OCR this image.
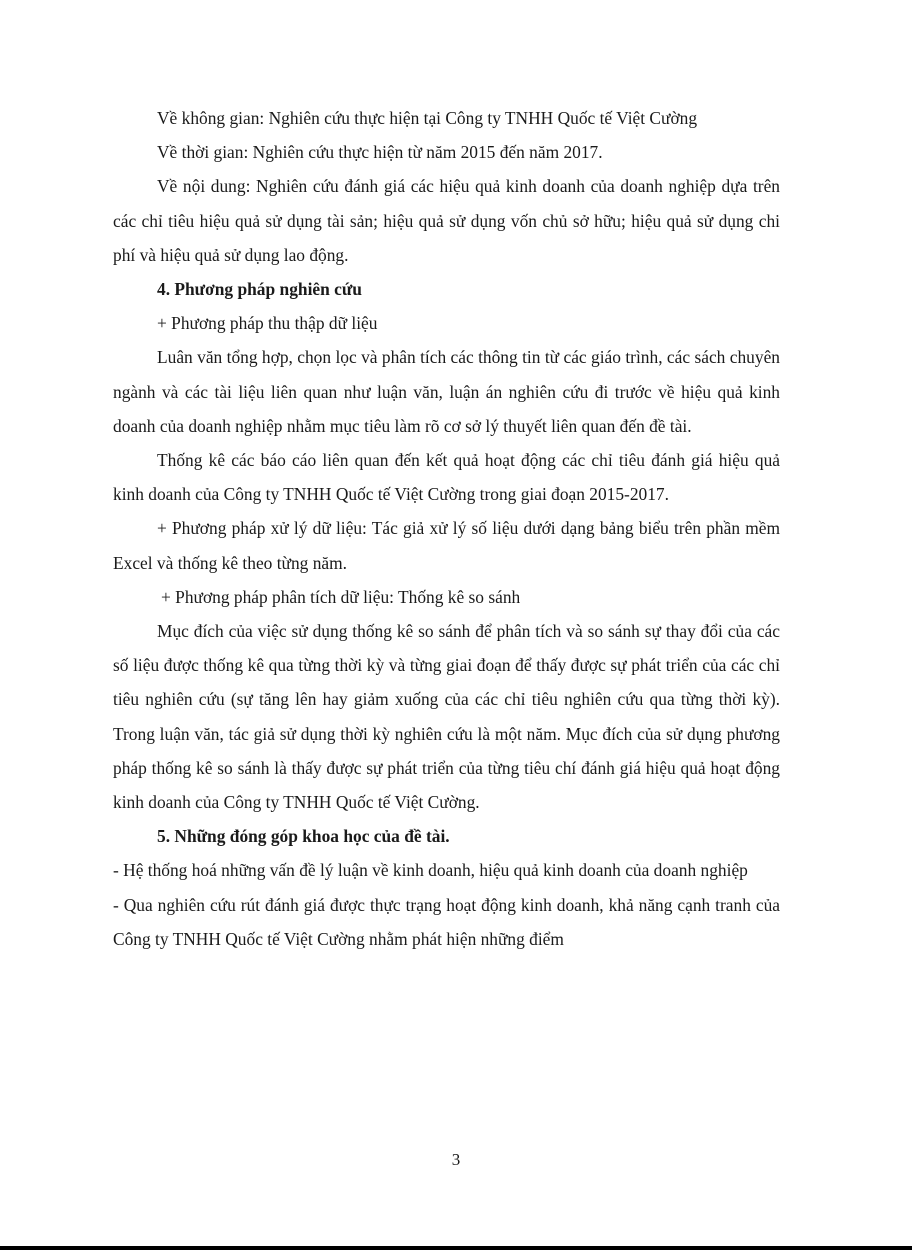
Về không gian: Nghiên cứu thực hiện tại Công ty TNHH Quốc tế Việt Cường

Về thời gian: Nghiên cứu thực hiện từ năm 2015 đến năm 2017.

Về nội dung: Nghiên cứu đánh giá các hiệu quả kinh doanh của doanh nghiệp dựa trên các chỉ tiêu hiệu quả sử dụng tài sản; hiệu quả sử dụng vốn chủ sở hữu; hiệu quả sử dụng chi phí và hiệu quả sử dụng lao động.

4. Phương pháp nghiên cứu

+ Phương pháp thu thập dữ liệu

Luân văn tổng hợp, chọn lọc và phân tích các thông tin từ các giáo trình, các sách chuyên ngành và các tài liệu liên quan như luận văn, luận án nghiên cứu đi trước về hiệu quả kinh doanh của doanh nghiệp nhằm mục tiêu làm rõ cơ sở lý thuyết liên quan đến đề tài.

Thống kê các báo cáo liên quan đến kết quả hoạt động các chỉ tiêu đánh giá hiệu quả kinh doanh của Công ty TNHH Quốc tế Việt Cường trong giai đoạn 2015-2017.

+ Phương pháp xử lý dữ liệu: Tác giả xử lý số liệu dưới dạng bảng biểu trên phần mềm Excel và thống kê theo từng năm.

+ Phương pháp phân tích dữ liệu: Thống kê so sánh

Mục đích của việc sử dụng thống kê so sánh để phân tích và so sánh sự thay đổi của các số liệu được thống kê qua từng thời kỳ và từng giai đoạn để thấy được sự phát triển của các chỉ tiêu nghiên cứu (sự tăng lên hay giảm xuống của các chỉ tiêu nghiên cứu qua từng thời kỳ). Trong luận văn, tác giả sử dụng thời kỳ nghiên cứu là một năm. Mục đích của sử dụng phương pháp thống kê so sánh là thấy được sự phát triển của từng tiêu chí đánh giá hiệu quả hoạt động kinh doanh của Công ty TNHH Quốc tế Việt Cường.

5. Những đóng góp khoa học của đề tài.

- Hệ thống hoá những vấn đề lý luận về kinh doanh, hiệu quả kinh doanh của doanh nghiệp

- Qua nghiên cứu rút đánh giá được thực trạng hoạt động kinh doanh, khả năng cạnh tranh của Công ty TNHH Quốc tế Việt Cường nhằm phát hiện những điểm

3
